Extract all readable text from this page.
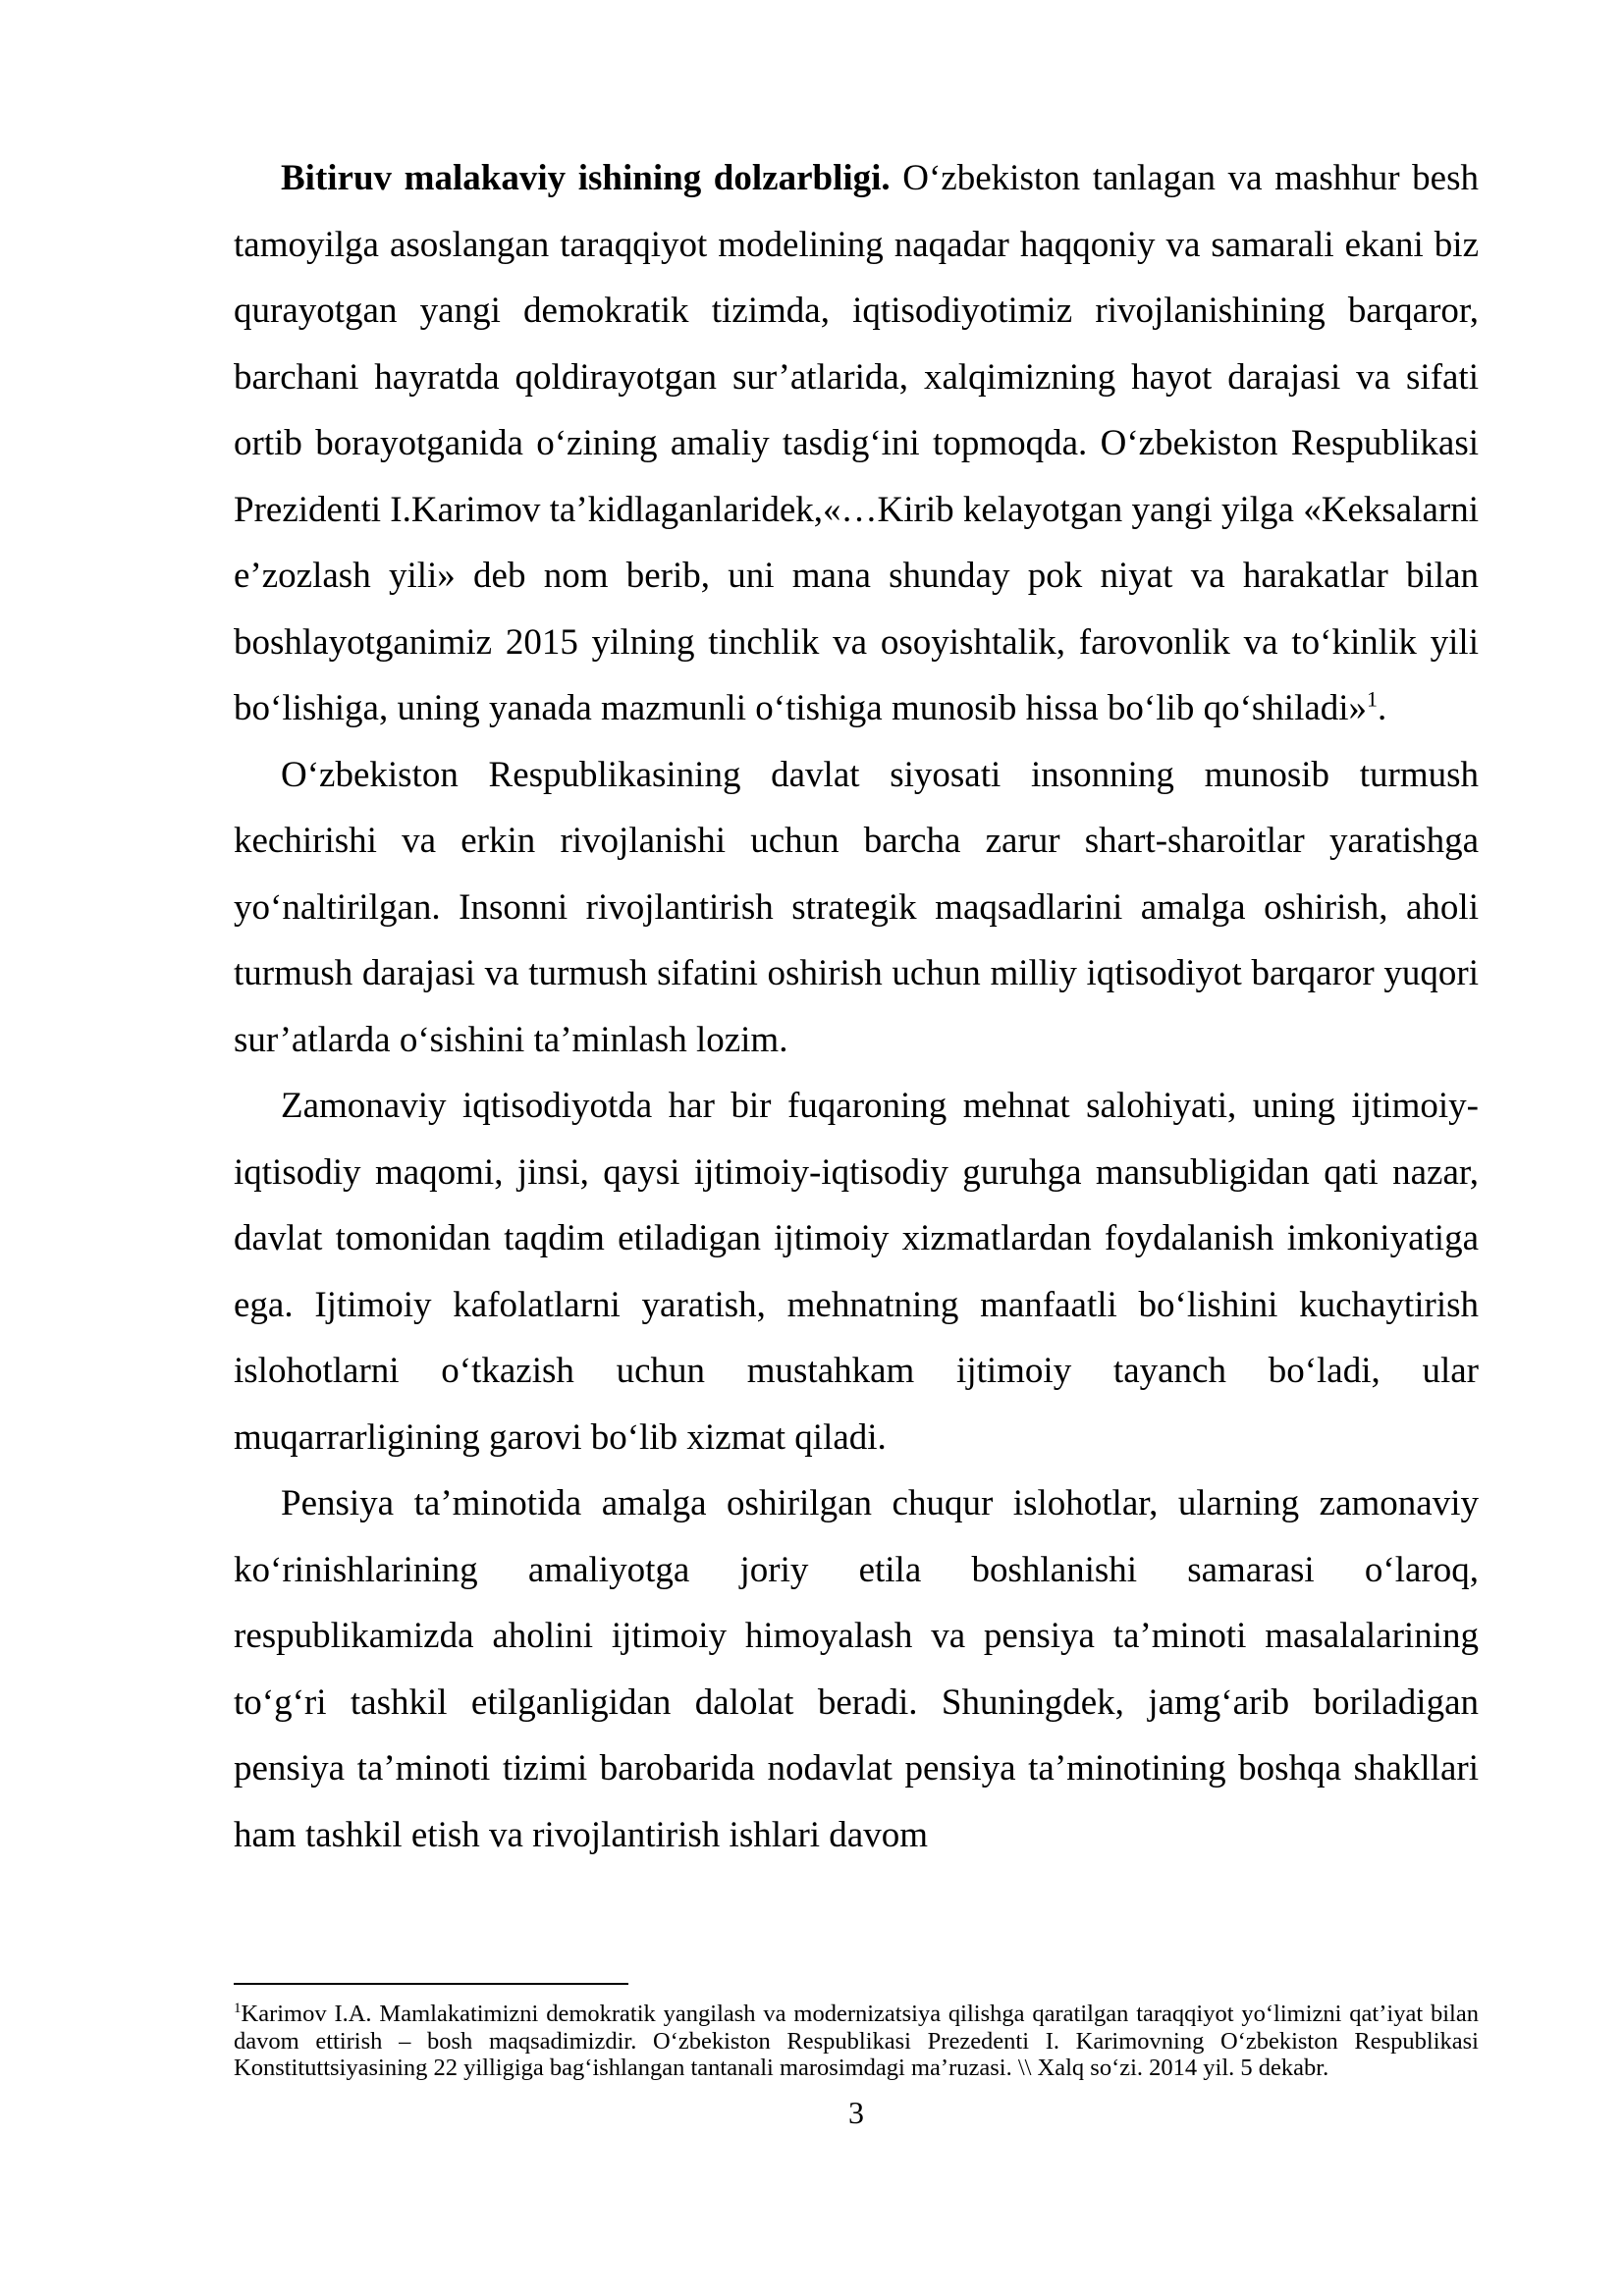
Bitiruv malakaviy ishining dolzarbligi. O‘zbekiston tanlagan va mashhur besh tamoyilga asoslangan taraqqiyot modelining naqadar haqqoniy va samarali ekani biz qurayotgan yangi demokratik tizimda, iqtisodiyotimiz rivojlanishining barqaror, barchani hayratda qoldirayotgan sur’atlarida, xalqimizning hayot darajasi va sifati ortib borayotganida o‘zining amaliy tasdig‘ini topmoqda. O‘zbekiston Respublikasi Prezidenti I.Karimov ta’kidlaganlaridek,«…Kirib kelayotgan yangi yilga «Keksalarni e’zozlash yili» deb nom berib, uni mana shunday pok niyat va harakatlar bilan boshlayotganimiz 2015 yilning tinchlik va osoyishtalik, farovonlik va to‘kinlik yili bo‘lishiga, uning yanada mazmunli o‘tishiga munosib hissa bo‘lib qo‘shiladi»$^1$.

O‘zbekiston Respublikasining davlat siyosati insonning munosib turmush kechirishi va erkin rivojlanishi uchun barcha zarur shart-sharoitlar yaratishga yo‘naltirilgan. Insonni rivojlantirish strategik maqsadlarini amalga oshirish, aholi turmush darajasi va turmush sifatini oshirish uchun milliy iqtisodiyot barqaror yuqori sur’atlarda o‘sishini ta’minlash lozim.

Zamonaviy iqtisodiyotda har bir fuqaroning mehnat salohiyati, uning ijtimoiy-iqtisodiy maqomi, jinsi, qaysi ijtimoiy-iqtisodiy guruhga mansubligidan qati nazar, davlat tomonidan taqdim etiladigan ijtimoiy xizmatlardan foydalanish imkoniyatiga ega. Ijtimoiy kafolatlarni yaratish, mehnatning manfaatli bo‘lishini kuchaytirish islohotlarni o‘tkazish uchun mustahkam ijtimoiy tayanch bo‘ladi, ular muqarrarligining garovi bo‘lib xizmat qiladi.

Pensiya ta’minotida amalga oshirilgan chuqur islohotlar, ularning zamonaviy ko‘rinishlarining amaliyotga joriy etila boshlanishi samarasi o‘laroq, respublikamizda aholini ijtimoiy himoyalash va pensiya ta’minoti masalalarining to‘g‘ri tashkil etilganligidan dalolat beradi. Shuningdek, jamg‘arib boriladigan pensiya ta’minoti tizimi barobarida nodavlat pensiya ta’minotining boshqa shakllari ham tashkil etish va rivojlantirish ishlari davom

$^1$Karimov I.A. Mamlakatimizni demokratik yangilash va modernizatsiya qilishga qaratilgan taraqqiyot yo‘limizni qat’iyat bilan davom ettirish – bosh maqsadimizdir. O‘zbekiston Respublikasi Prezedenti I. Karimovning O‘zbekiston Respublikasi Konstituttsiyasining 22 yilligiga bag‘ishlangan tantanali marosimdagi ma’ruzasi. \\ Xalq so‘zi. 2014 yil. 5 dekabr.

3
